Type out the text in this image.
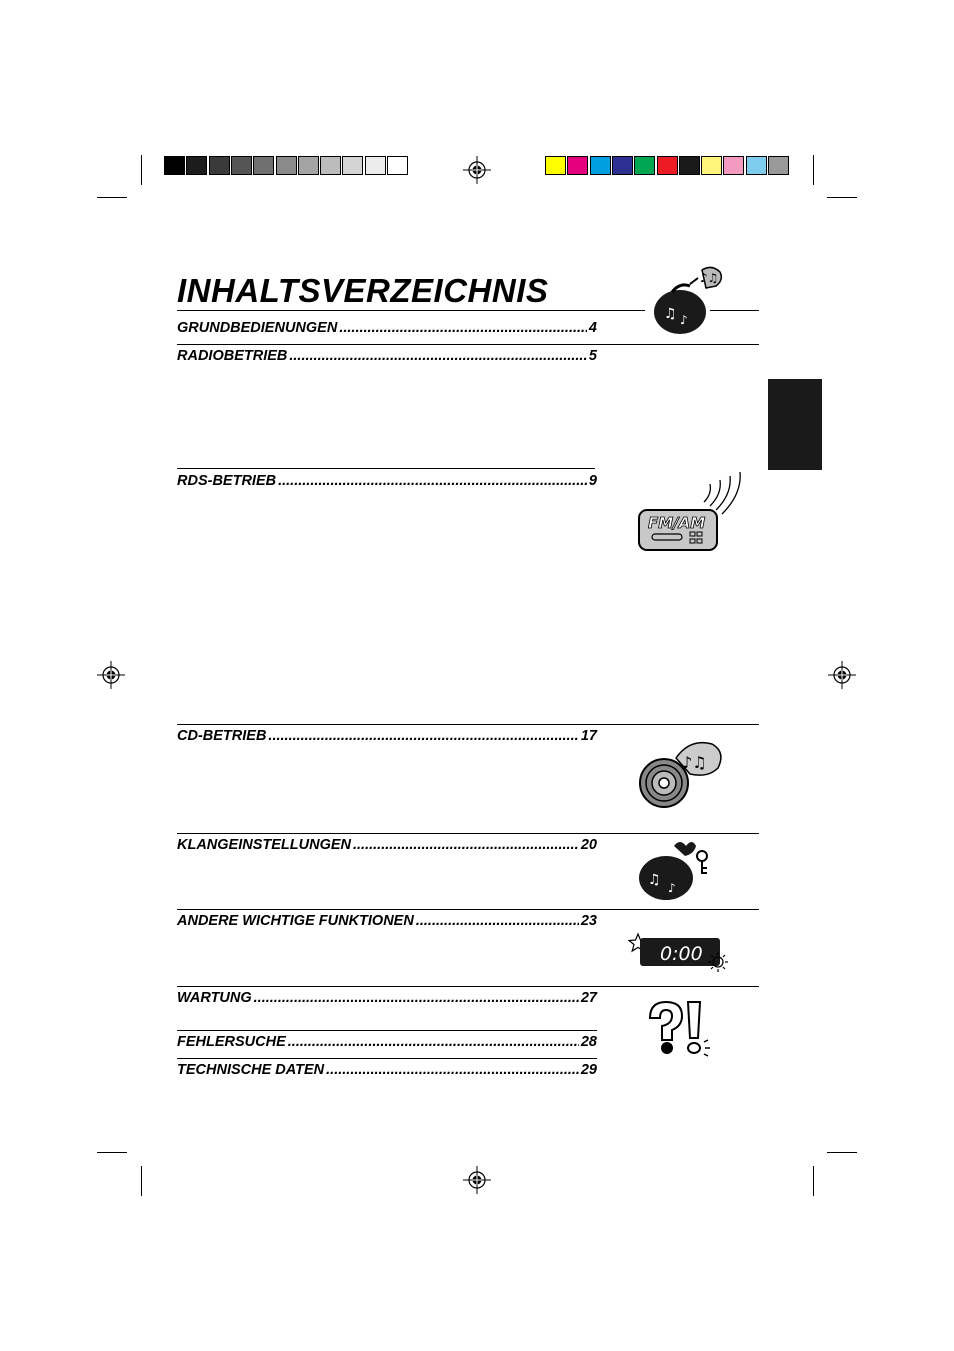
INHALTSVERZEICHNIS
GRUNDBEDIENUNGEN .....	4
RADIOBETRIEB .....	5
RDS-BETRIEB .....	9
CD-BETRIEB .....	17
KLANGEINSTELLUNGEN .....	20
ANDERE WICHTIGE FUNKTIONEN .....	23
WARTUNG .....	27
FEHLERSUCHE .....	28
TECHNISCHE DATEN .....	29
♪♫
♫ ♪
FM/AM
♪♫
♫ ♪
0:00
